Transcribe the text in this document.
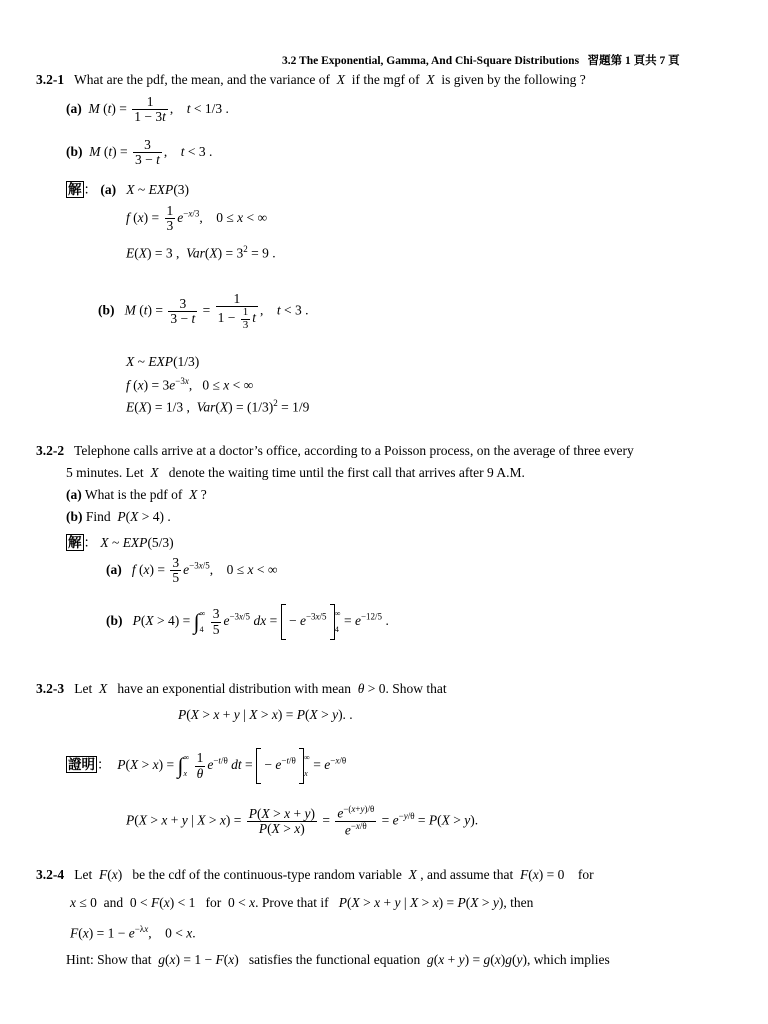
3.2 The Exponential, Gamma, And Chi-Square Distributions 習題第 1 頁共 7 頁
3.2-1 What are the pdf, the mean, and the variance of X if the mgf of X is given by the following ?
(a) M $(t) = \frac{1}{1 - 3t}$ ,    t < 1/3 .
(b) M $(t) = \frac{3}{3 - t}$ ,    t < 3 .
解 ： (a) X ~ EXP(3)
f $(x) = \frac{1}{3} e^{-x/3}$,    0 ≤ x < ∞
E(X) = 3 ,  $Var(X) = 3^2 = 9$ .
(b) M $(t) = \frac{3}{3 - t} = \frac{1}{1 - \frac{1}{3} t}$ ,    t < 3 .
X ~ EXP(1/3)
f $(x) = 3e^{-3x}$,   0 ≤ x < ∞
E(X) = 1/3 ,  $Var(X) = (1/3)^2 = 1/9$
3.2-2 Telephone calls arrive at a doctor’s office, according to a Poisson process, on the average of three every
5 minutes. Let X denote the waiting time until the first call that arrives after 9 A.M.
(a) What is the pdf of X ?
(b) Find P(X > 4) .
解 ： X ~ EXP(5/3)
(a) f $(x) = \frac{3}{5} e^{-3x/5}$,    0 ≤ x < ∞
(b) P(X > 4) = ∫ ∞
4
$\frac{3}{5} e^{-3x/5}$ dx =  − $e^{-3x/5}$ ∞
4
= $e^{-12/5}$ .
3.2-3 Let X have an exponential distribution with mean θ > 0. Show that
P(X > x + y | X > x) = P(X > y). .
證明 ：  P(X > x) = ∫ ∞
x
$\frac{1}{\theta} e^{-t/\theta}$ dt =  − $e^{-t/\theta}$ ∞
x
= $e^{-x/\theta}$
P(X > x + y | $X > x) = \frac{P(X > x + y)}{P(X > x)} = \frac{e^{-(x+y)/\theta}}{e^{-x/\theta}} = e^{-y/\theta} = P(X > y)$.
3.2-4 Let F(x)   be the cdf of the continuous-type random variable X , and assume that F(x) = 0    for
x ≤ 0  and  0 < F(x) < 1   for  0 < x. Prove that if P(X > x + y | X > x) = P(X > y), then
$F(x) = 1 - e^{-\lambda x}$,    0 < x.
Hint: Show that g(x) = 1 − F(x)   satisfies the functional equation g(x + y) = g(x)g(y), which implies
